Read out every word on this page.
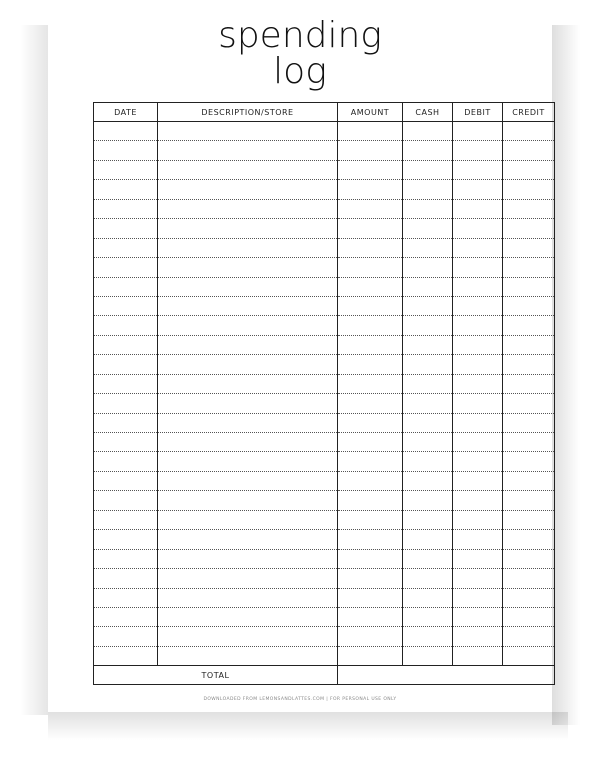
spending
log
DATE	DESCRIPTION/STORE	AMOUNT	CASH	DEBIT	CREDIT

TOTAL					
DOWNLOADED FROM LEMONSANDLATTES.COM | FOR PERSONAL USE ONLY
